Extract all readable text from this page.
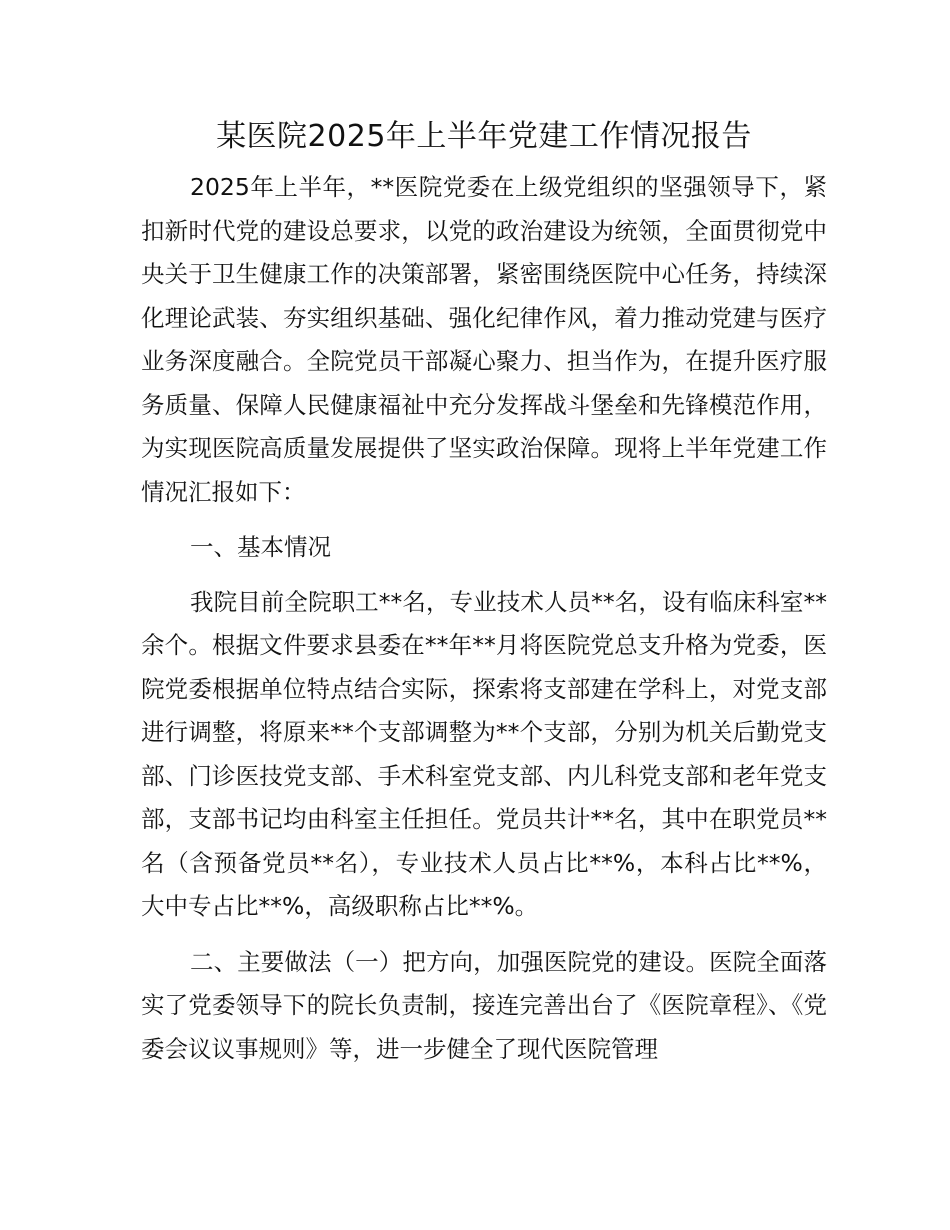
某医院2025年上半年党建工作情况报告

2025年上半年，**医院党委在上级党组织的坚强领导下，紧扣新时代党的建设总要求，以党的政治建设为统领，全面贯彻党中央关于卫生健康工作的决策部署，紧密围绕医院中心任务，持续深化理论武装、夯实组织基础、强化纪律作风，着力推动党建与医疗业务深度融合。全院党员干部凝心聚力、担当作为，在提升医疗服务质量、保障人民健康福祉中充分发挥战斗堡垒和先锋模范作用，为实现医院高质量发展提供了坚实政治保障。现将上半年党建工作情况汇报如下：

一、基本情况

我院目前全院职工**名，专业技术人员**名，设有临床科室**余个。根据文件要求县委在**年**月将医院党总支升格为党委，医院党委根据单位特点结合实际，探索将支部建在学科上，对党支部进行调整，将原来**个支部调整为**个支部，分别为机关后勤党支部、门诊医技党支部、手术科室党支部、内儿科党支部和老年党支部，支部书记均由科室主任担任。党员共计**名，其中在职党员**名（含预备党员**名），专业技术人员占比**%，本科占比**%，大中专占比**%，高级职称占比**%。

二、主要做法（一）把方向，加强医院党的建设。医院全面落实了党委领导下的院长负责制，接连完善出台了《医院章程》、《党委会议议事规则》等，进一步健全了现代医院管理
